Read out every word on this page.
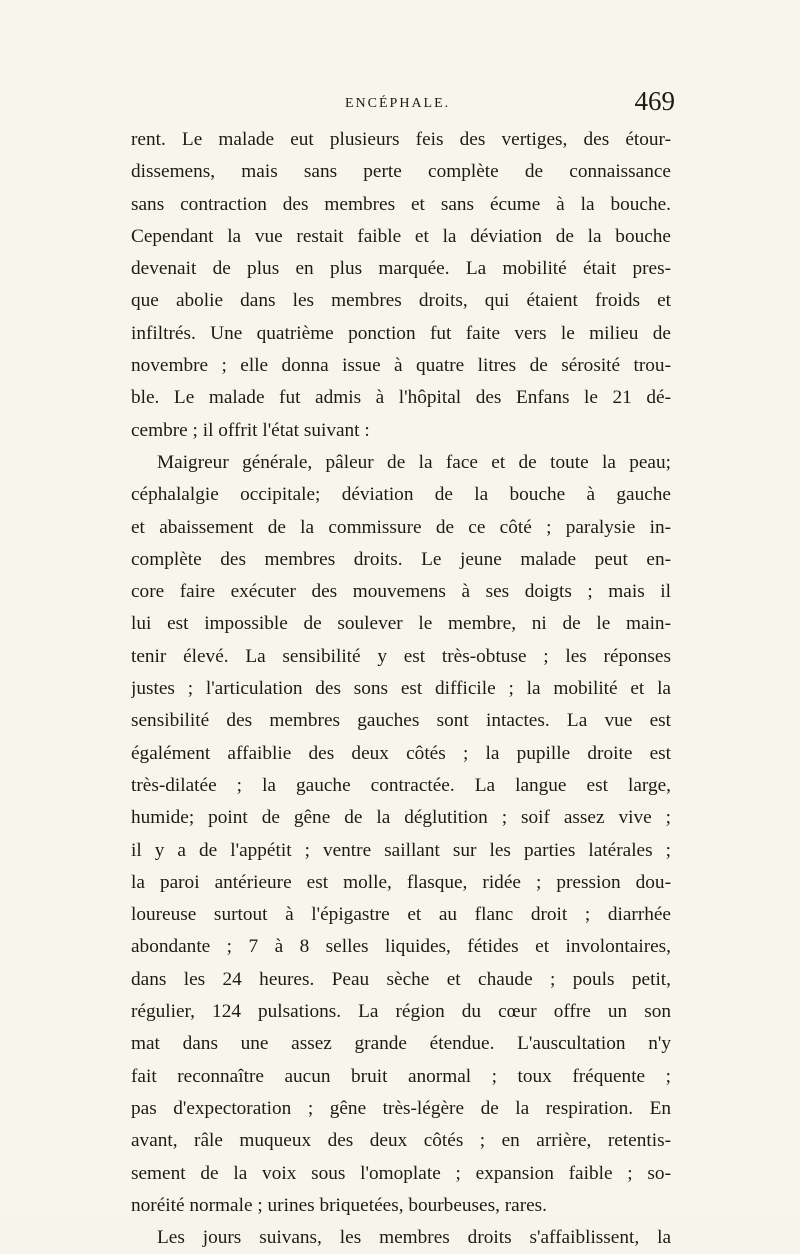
ENCÉPHALE.	469
rent. Le malade eut plusieurs feis des vertiges, des étour-
dissemens, mais sans perte complète de connaissance
sans contraction des membres et sans écume à la bouche.
Cependant la vue restait faible et la déviation de la bouche
devenait de plus en plus marquée. La mobilité était pres-
que abolie dans les membres droits, qui étaient froids et
infiltrés. Une quatrième ponction fut faite vers le milieu de
novembre ; elle donna issue à quatre litres de sérosité trou-
ble. Le malade fut admis à l'hôpital des Enfans le 21 dé-
cembre ; il offrit l'état suivant :
Maigreur générale, pâleur de la face et de toute la peau;
céphalalgie occipitale; déviation de la bouche à gauche
et abaissement de la commissure de ce côté ; paralysie in-
complète des membres droits. Le jeune malade peut en-
core faire exécuter des mouvemens à ses doigts ; mais il
lui est impossible de soulever le membre, ni de le main-
tenir élevé. La sensibilité y est très-obtuse ; les réponses
justes ; l'articulation des sons est difficile ; la mobilité et la
sensibilité des membres gauches sont intactes. La vue est
égalément affaiblie des deux côtés ; la pupille droite est
très-dilatée ; la gauche contractée. La langue est large,
humide; point de gêne de la déglutition ; soif assez vive ;
il y a de l'appétit ; ventre saillant sur les parties latérales ;
la paroi antérieure est molle, flasque, ridée ; pression dou-
loureuse surtout à l'épigastre et au flanc droit ; diarrhée
abondante ; 7 à 8 selles liquides, fétides et involontaires,
dans les 24 heures. Peau sèche et chaude ; pouls petit,
régulier, 124 pulsations. La région du cœur offre un son
mat dans une assez grande étendue. L'auscultation n'y
fait reconnaître aucun bruit anormal ; toux fréquente ;
pas d'expectoration ; gêne très-légère de la respiration. En
avant, râle muqueux des deux côtés ; en arrière, retentis-
sement de la voix sous l'omoplate ; expansion faible ; so-
noréité normale ; urines briquetées, bourbeuses, rares.
Les jours suivans, les membres droits s'affaiblissent, la
